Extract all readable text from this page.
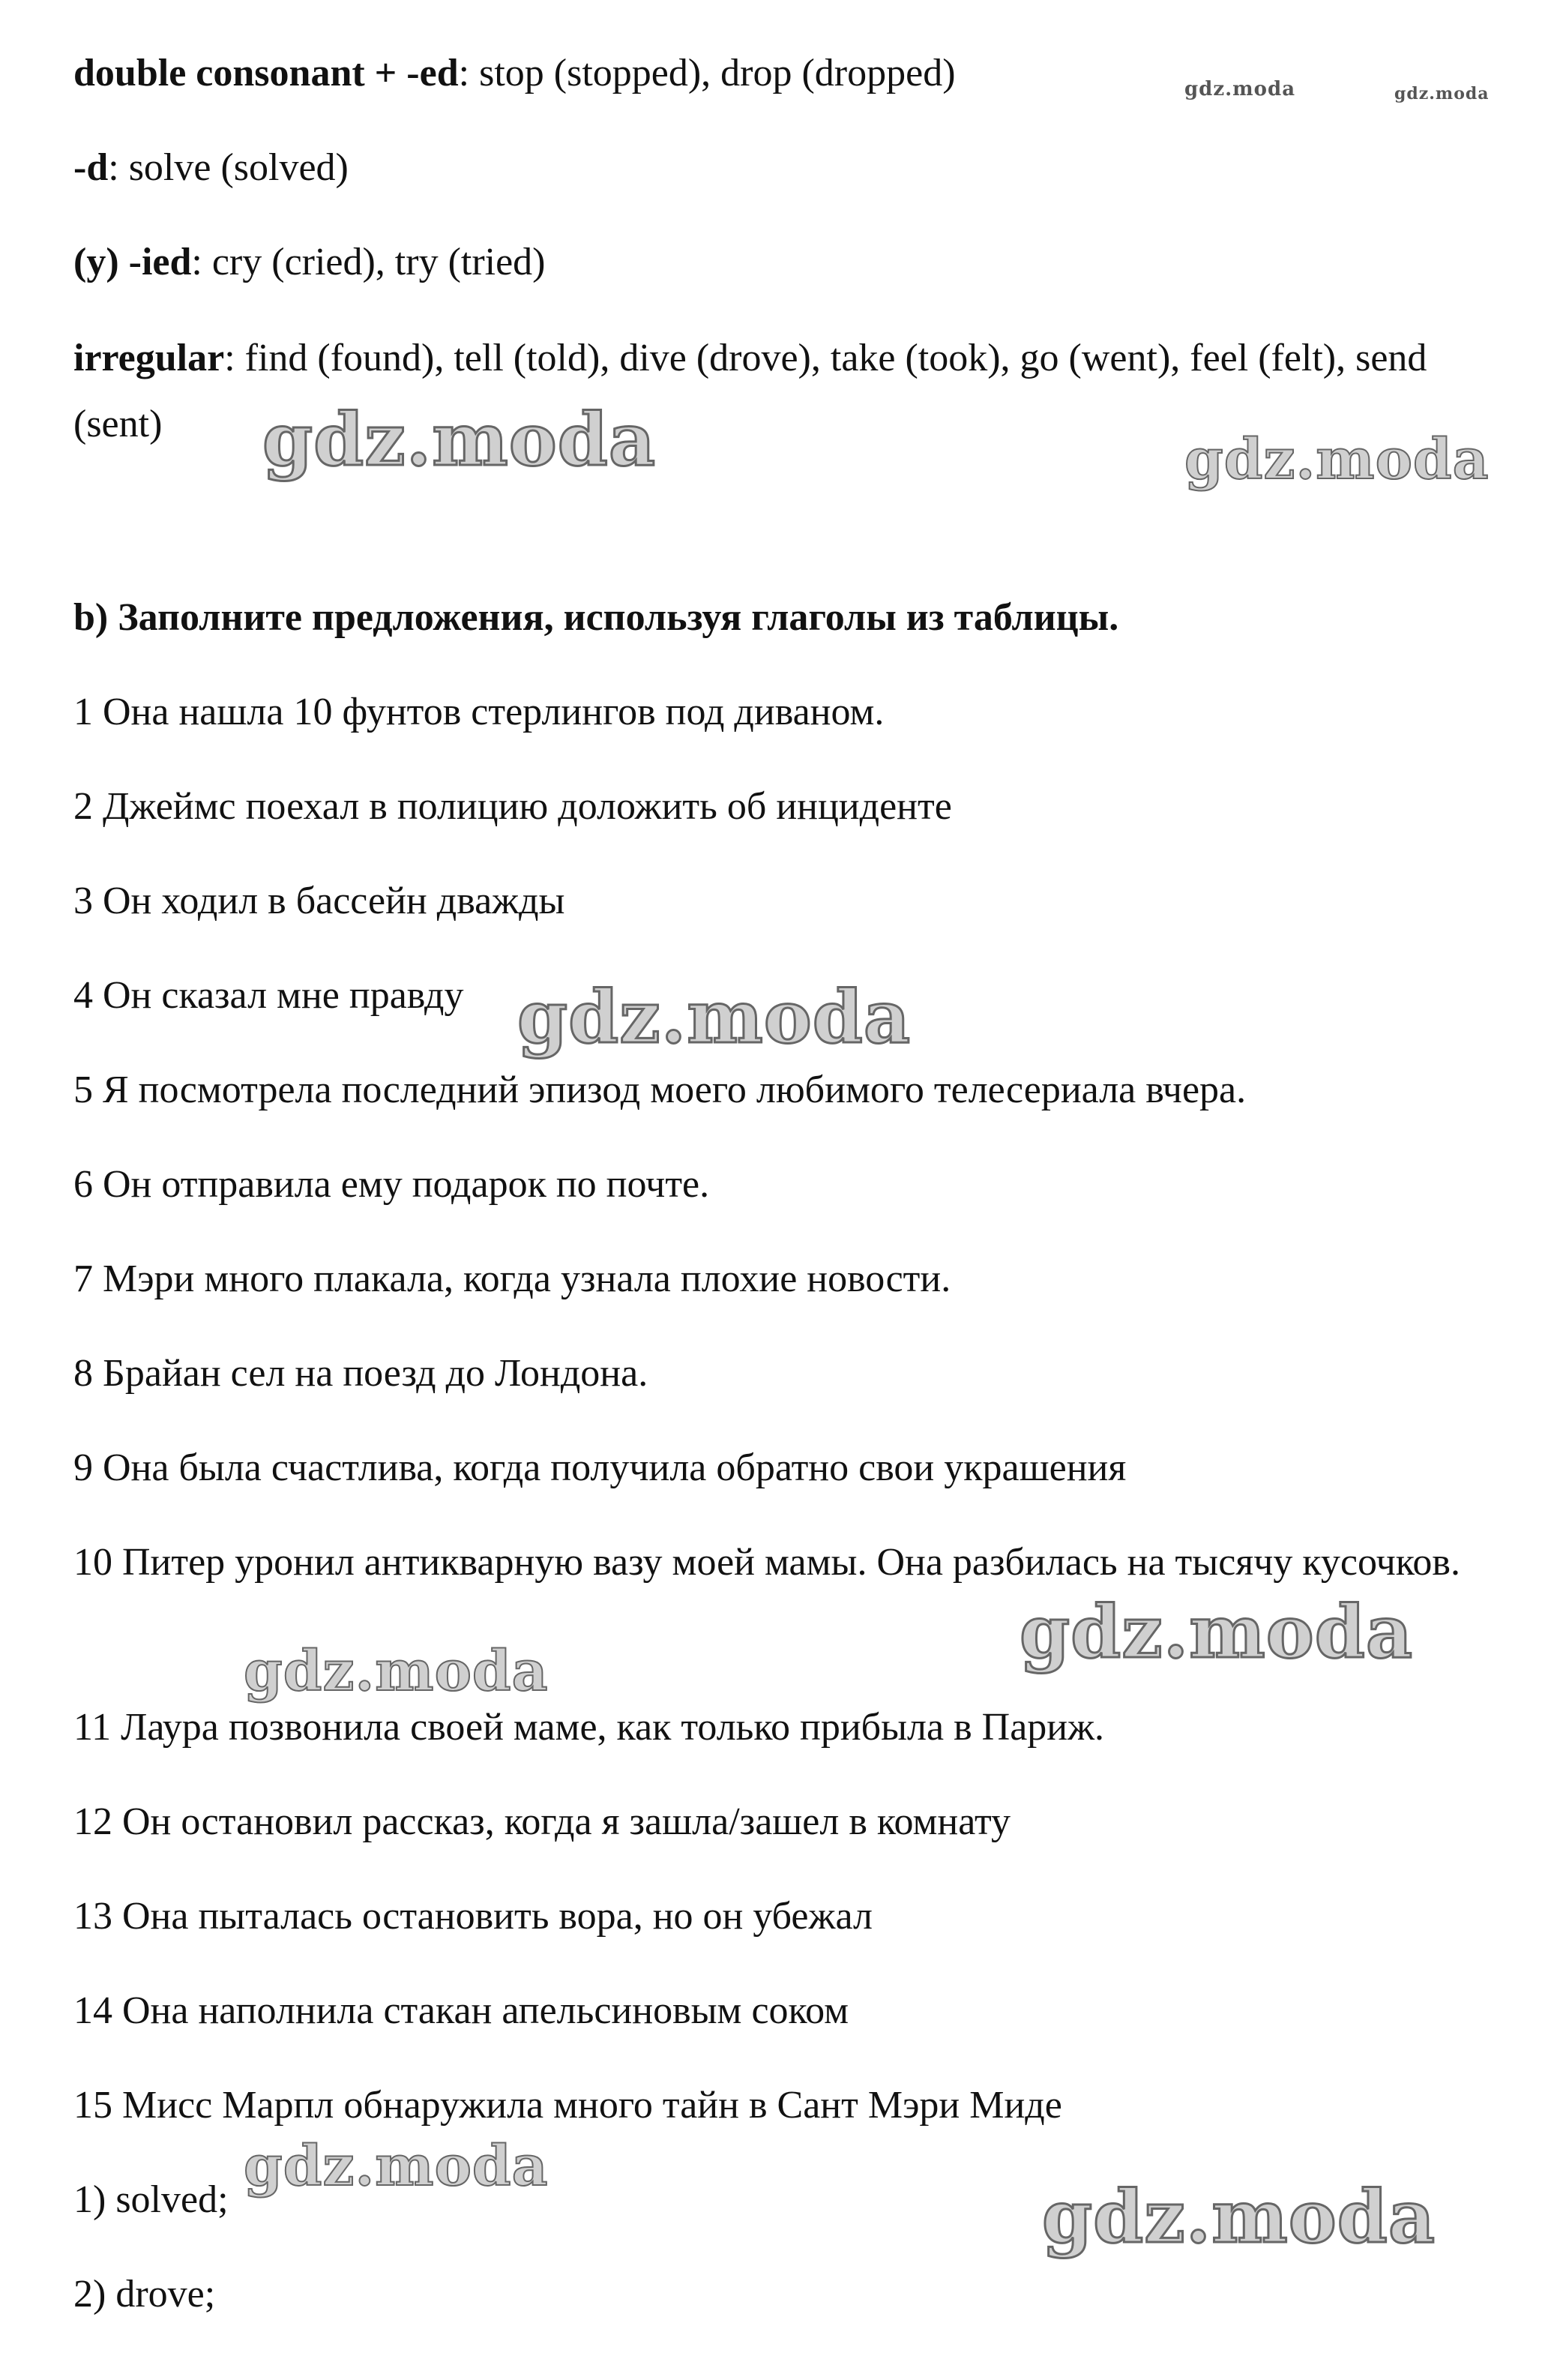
double consonant + -ed: stop (stopped), drop (dropped)
-d: solve (solved)
(y) -ied: cry (cried), try (tried)
irregular: find (found), tell (told), dive (drove), take (took), go (went), feel (felt), send (sent)
b) Заполните предложения, используя глаголы из таблицы.
1 Она нашла 10 фунтов стерлингов под диваном.
2 Джеймс поехал в полицию доложить об инциденте
3 Он ходил в бассейн дважды
4 Он сказал мне правду
5 Я посмотрела последний эпизод моего любимого телесериала вчера.
6 Он отправила ему подарок по почте.
7 Мэри много плакала, когда узнала плохие новости.
8 Брайан сел на поезд до Лондона.
9 Она была счастлива, когда получила обратно свои украшения
10 Питер уронил антикварную вазу моей мамы. Она разбилась на тысячу кусочков.
11 Лаура позвонила своей маме, как только прибыла в Париж.
12 Он остановил рассказ, когда я зашла/зашел в комнату
13 Она пыталась остановить вора, но он убежал
14 Она наполнила стакан апельсиновым соком
15 Мисс Марпл обнаружила много тайн в Сант Мэри Миде
1) solved;
2) drove;
gdz.moda	gdz.moda
gdz.moda	gdz.moda
gdz.moda
gdz.moda
gdz.moda
gdz.moda
gdz.moda
